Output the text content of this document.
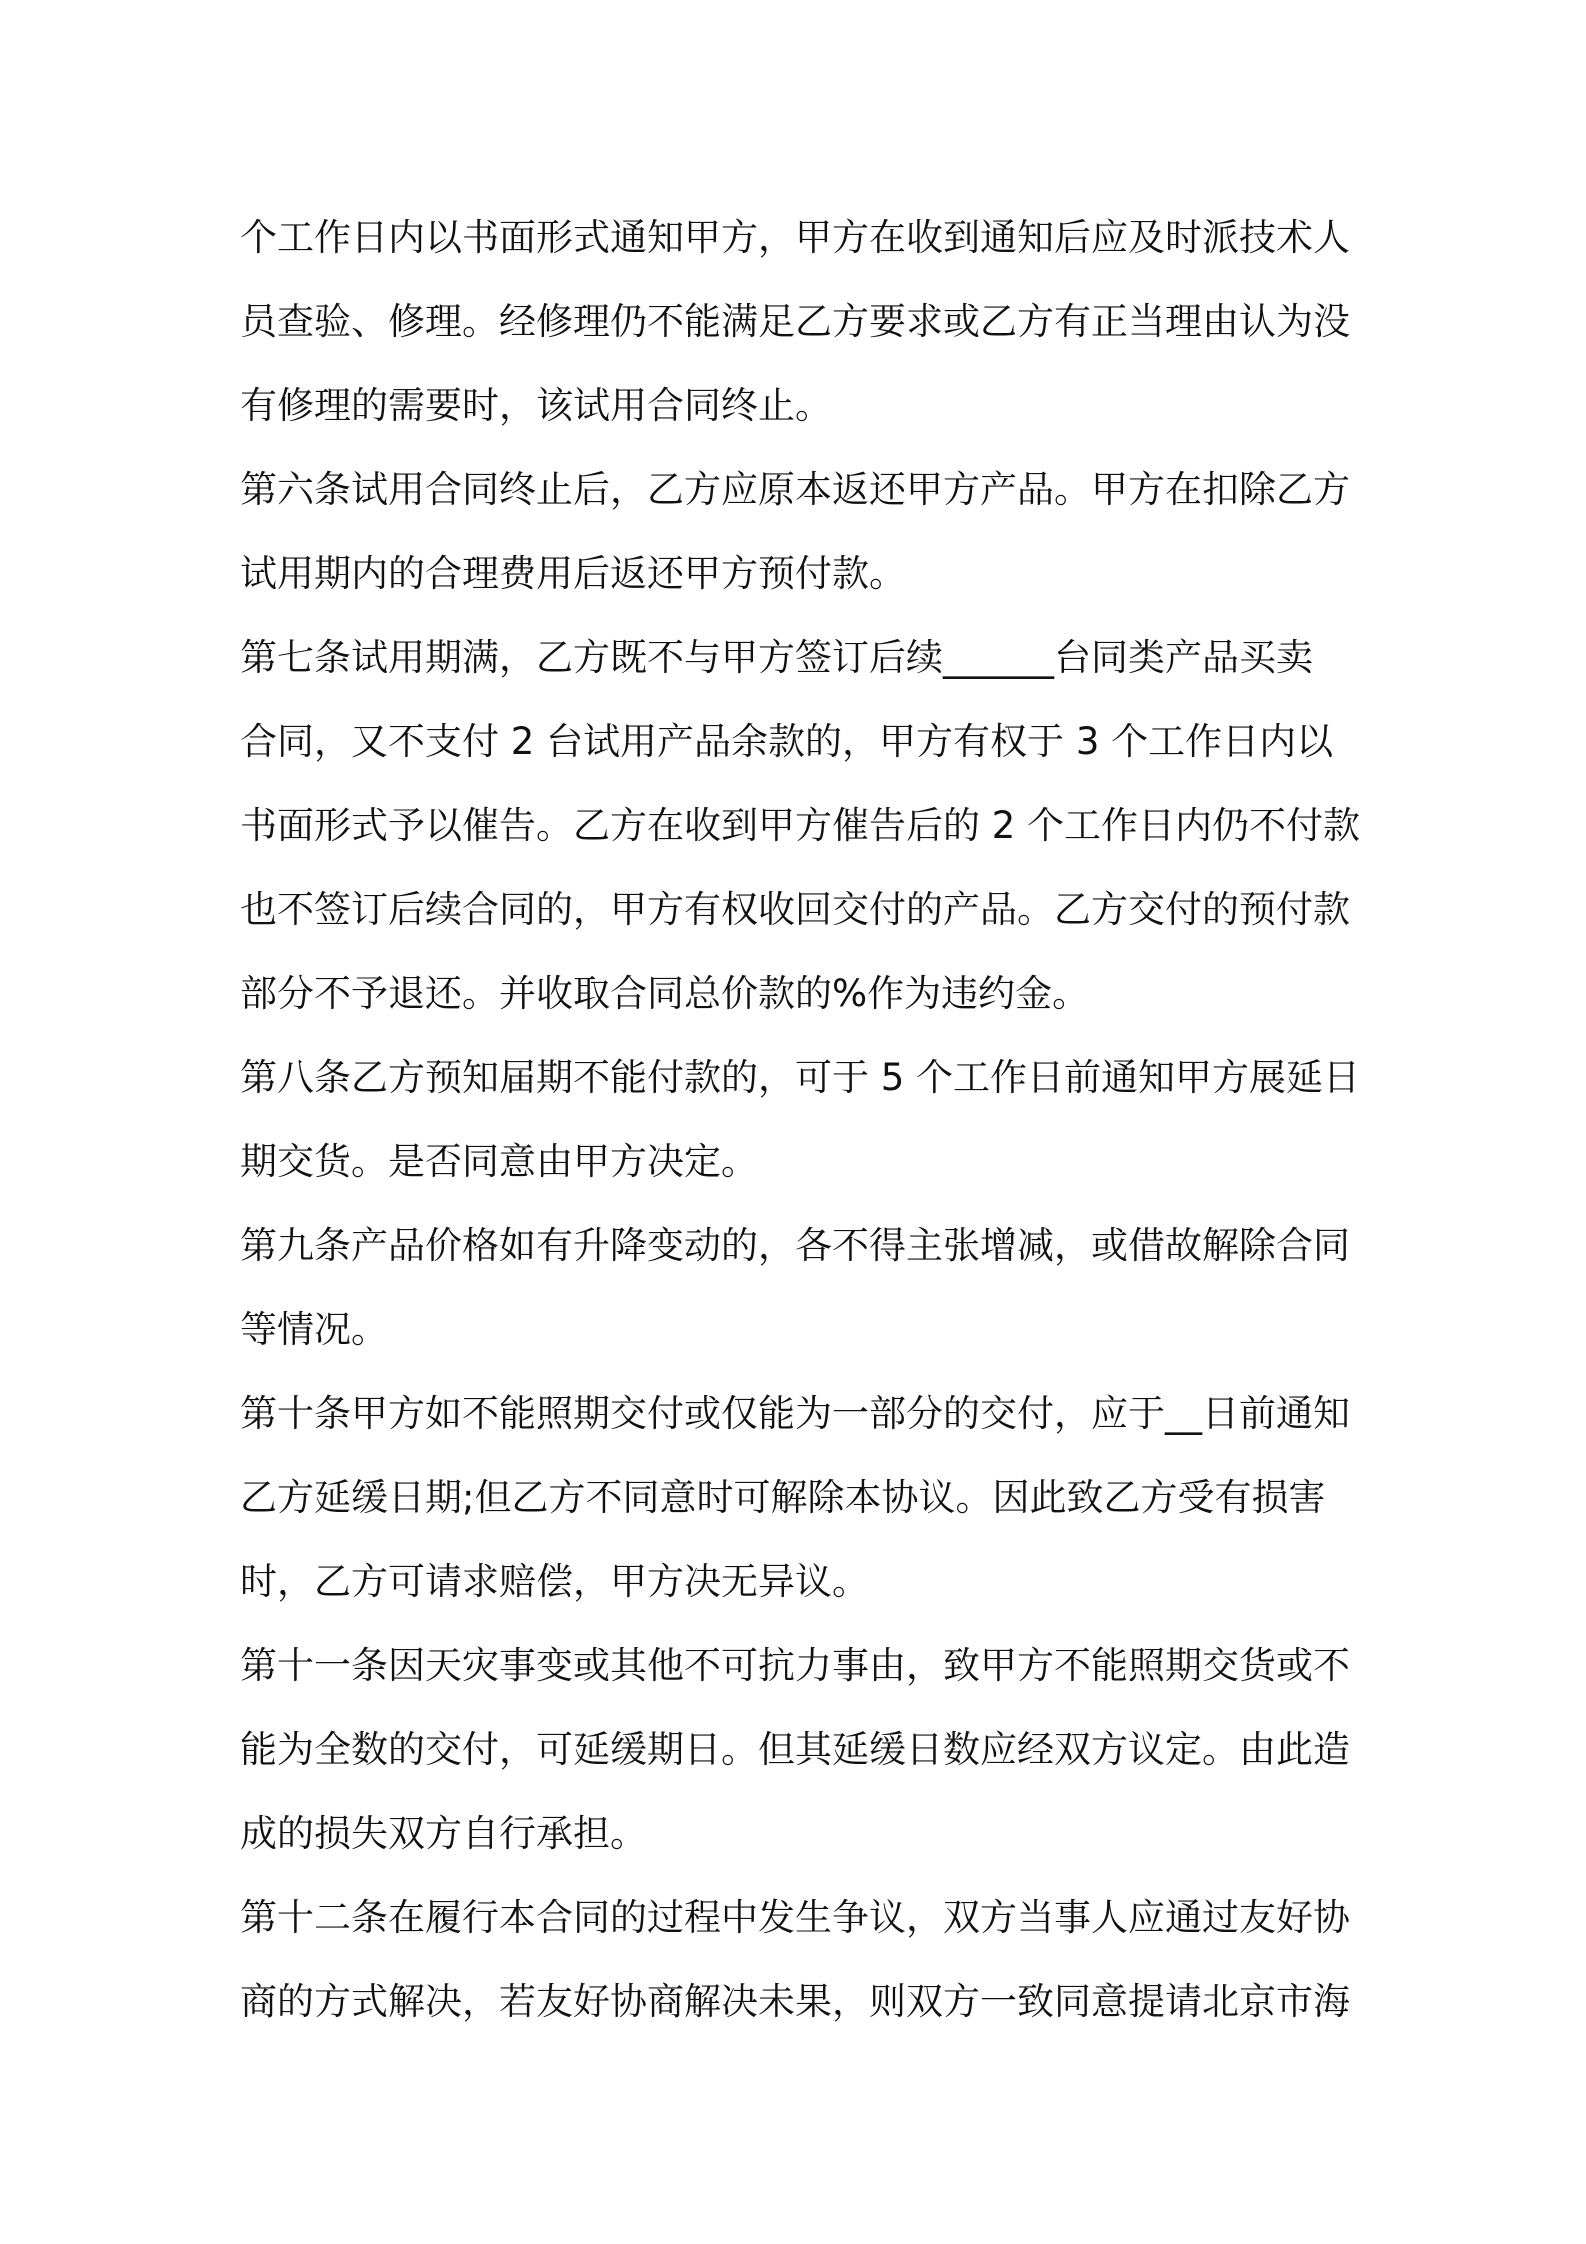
个工作日内以书面形式通知甲方，甲方在收到通知后应及时派技术人
员查验、修理。经修理仍不能满足乙方要求或乙方有正当理由认为没
有修理的需要时，该试用合同终止。
第六条试用合同终止后，乙方应原本返还甲方产品。甲方在扣除乙方
试用期内的合理费用后返还甲方预付款。
第七条试用期满，乙方既不与甲方签订后续______台同类产品买卖
合同，又不支付 2 台试用产品余款的，甲方有权于 3 个工作日内以
书面形式予以催告。乙方在收到甲方催告后的 2 个工作日内仍不付款
也不签订后续合同的，甲方有权收回交付的产品。乙方交付的预付款
部分不予退还。并收取合同总价款的%作为违约金。
第八条乙方预知届期不能付款的，可于 5 个工作日前通知甲方展延日
期交货。是否同意由甲方决定。
第九条产品价格如有升降变动的，各不得主张增减，或借故解除合同
等情况。
第十条甲方如不能照期交付或仅能为一部分的交付，应于__日前通知
乙方延缓日期;但乙方不同意时可解除本协议。因此致乙方受有损害
时，乙方可请求赔偿，甲方决无异议。
第十一条因天灾事变或其他不可抗力事由，致甲方不能照期交货或不
能为全数的交付，可延缓期日。但其延缓日数应经双方议定。由此造
成的损失双方自行承担。
第十二条在履行本合同的过程中发生争议，双方当事人应通过友好协
商的方式解决，若友好协商解决未果，则双方一致同意提请北京市海
